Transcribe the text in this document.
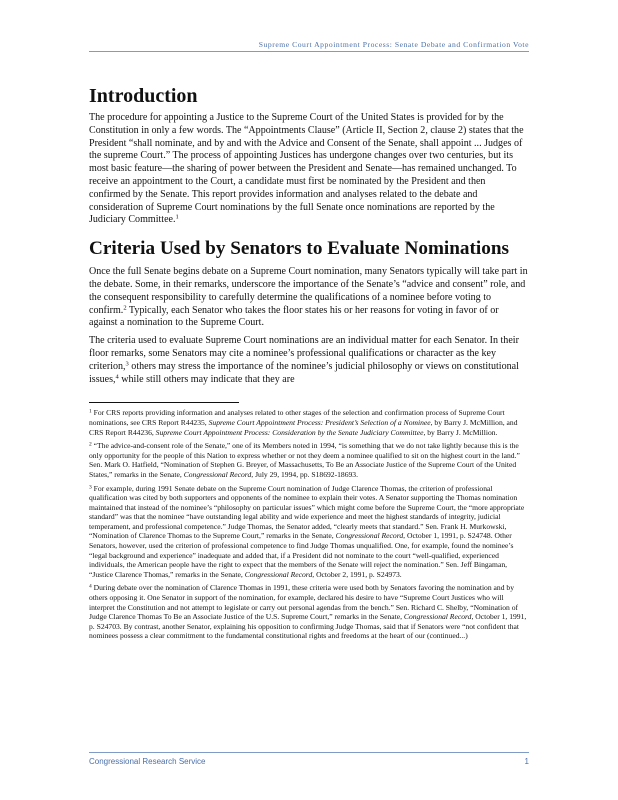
Supreme Court Appointment Process: Senate Debate and Confirmation Vote
Introduction

The procedure for appointing a Justice to the Supreme Court of the United States is provided for by the Constitution in only a few words. The “Appointments Clause” (Article II, Section 2, clause 2) states that the President “shall nominate, and by and with the Advice and Consent of the Senate, shall appoint ... Judges of the supreme Court.” The process of appointing Justices has undergone changes over two centuries, but its most basic feature—the sharing of power between the President and Senate—has remained unchanged. To receive an appointment to the Court, a candidate must first be nominated by the President and then confirmed by the Senate. This report provides information and analyses related to the debate and consideration of Supreme Court nominations by the full Senate once nominations are reported by the Judiciary Committee.$^1$

Criteria Used by Senators to Evaluate Nominations

Once the full Senate begins debate on a Supreme Court nomination, many Senators typically will take part in the debate. Some, in their remarks, underscore the importance of the Senate’s “advice and consent” role, and the consequent responsibility to carefully determine the qualifications of a nominee before voting to confirm.$^2$ Typically, each Senator who takes the floor states his or her reasons for voting in favor of or against a nomination to the Supreme Court.

The criteria used to evaluate Supreme Court nominations are an individual matter for each Senator. In their floor remarks, some Senators may cite a nominee’s professional qualifications or character as the key criterion,$^3$ others may stress the importance of the nominee’s judicial philosophy or views on constitutional issues,$^4$ while still others may indicate that they are

$^1$ For CRS reports providing information and analyses related to other stages of the selection and confirmation process of Supreme Court nominations, see CRS Report R44235, Supreme Court Appointment Process: President’s Selection of a Nominee, by Barry J. McMillion, and CRS Report R44236, Supreme Court Appointment Process: Consideration by the Senate Judiciary Committee, by Barry J. McMillion.

$^2$ “The advice-and-consent role of the Senate,” one of its Members noted in 1994, “is something that we do not take lightly because this is the only opportunity for the people of this Nation to express whether or not they deem a nominee qualified to sit on the highest court in the land.” Sen. Mark O. Hatfield, “Nomination of Stephen G. Breyer, of Massachusetts, To Be an Associate Justice of the Supreme Court of the United States,” remarks in the Senate, Congressional Record, July 29, 1994, pp. S18692-18693.

$^3$ For example, during 1991 Senate debate on the Supreme Court nomination of Judge Clarence Thomas, the criterion of professional qualification was cited by both supporters and opponents of the nominee to explain their votes. A Senator supporting the Thomas nomination maintained that instead of the nominee’s “philosophy on particular issues” which might come before the Supreme Court, the “more appropriate standard” was that the nominee “have outstanding legal ability and wide experience and meet the highest standards of integrity, judicial temperament, and professional competence.” Judge Thomas, the Senator added, “clearly meets that standard.” Sen. Frank H. Murkowski, “Nomination of Clarence Thomas to the Supreme Court,” remarks in the Senate, Congressional Record, October 1, 1991, p. S24748. Other Senators, however, used the criterion of professional competence to find Judge Thomas unqualified. One, for example, found the nominee’s “legal background and experience” inadequate and added that, if a President did not nominate to the court “well-qualified, experienced individuals, the American people have the right to expect that the members of the Senate will reject the nomination.” Sen. Jeff Bingaman, “Justice Clarence Thomas,” remarks in the Senate, Congressional Record, October 2, 1991, p. S24973.

$^4$ During debate over the nomination of Clarence Thomas in 1991, these criteria were used both by Senators favoring the nomination and by others opposing it. One Senator in support of the nomination, for example, declared his desire to have “Supreme Court Justices who will interpret the Constitution and not attempt to legislate or carry out personal agendas from the bench.” Sen. Richard C. Shelby, “Nomination of Judge Clarence Thomas To Be an Associate Justice of the U.S. Supreme Court,” remarks in the Senate, Congressional Record, October 1, 1991, p. S24703. By contrast, another Senator, explaining his opposition to confirming Judge Thomas, said that if Senators were “not confident that nominees possess a clear commitment to the fundamental constitutional rights and freedoms at the heart of our (continued...)

Congressional Research Service	1
